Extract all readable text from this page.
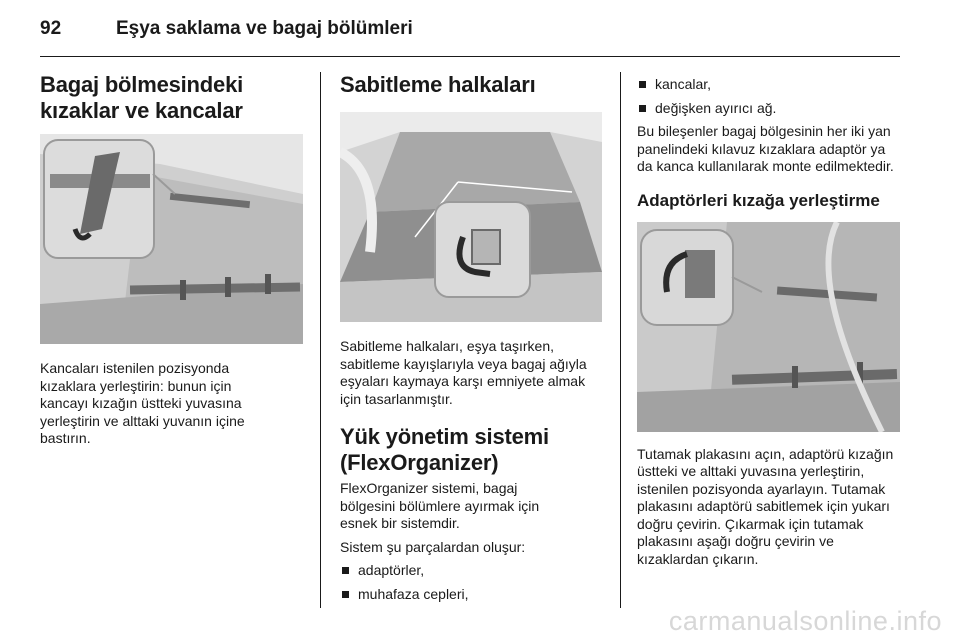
92	Eşya saklama ve bagaj bölümleri
Bagaj bölmesindeki kızaklar ve kancalar

Kancaları istenilen pozisyonda kızaklara yerleştirin: bunun için kancayı kızağın üstteki yuvasına yerleştirin ve alttaki yuvanın içine bastırın.

Sabitleme halkaları

Sabitleme halkaları, eşya taşırken, sabitleme kayışlarıyla veya bagaj ağıyla eşyaları kaymaya karşı emniyete almak için tasarlanmıştır.

Yük yönetim sistemi (FlexOrganizer)

FlexOrganizer sistemi, bagaj bölgesini bölümlere ayırmak için esnek bir sistemdir.

Sistem şu parçalardan oluşur:

adaptörler,
muhafaza cepleri,
kancalar,
değişken ayırıcı ağ.

Bu bileşenler bagaj bölgesinin her iki yan panelindeki kılavuz kızaklara adaptör ya da kanca kullanılarak monte edilmektedir.

Adaptörleri kızağa yerleştirme

Tutamak plakasını açın, adaptörü kızağın üstteki ve alttaki yuvasına yerleştirin, istenilen pozisyonda ayarlayın. Tutamak plakasını adaptörü sabitlemek için yukarı doğru çevirin. Çıkarmak için tutamak plakasını aşağı doğru çevirin ve kızaklardan çıkarın.

carmanualsonline.info
